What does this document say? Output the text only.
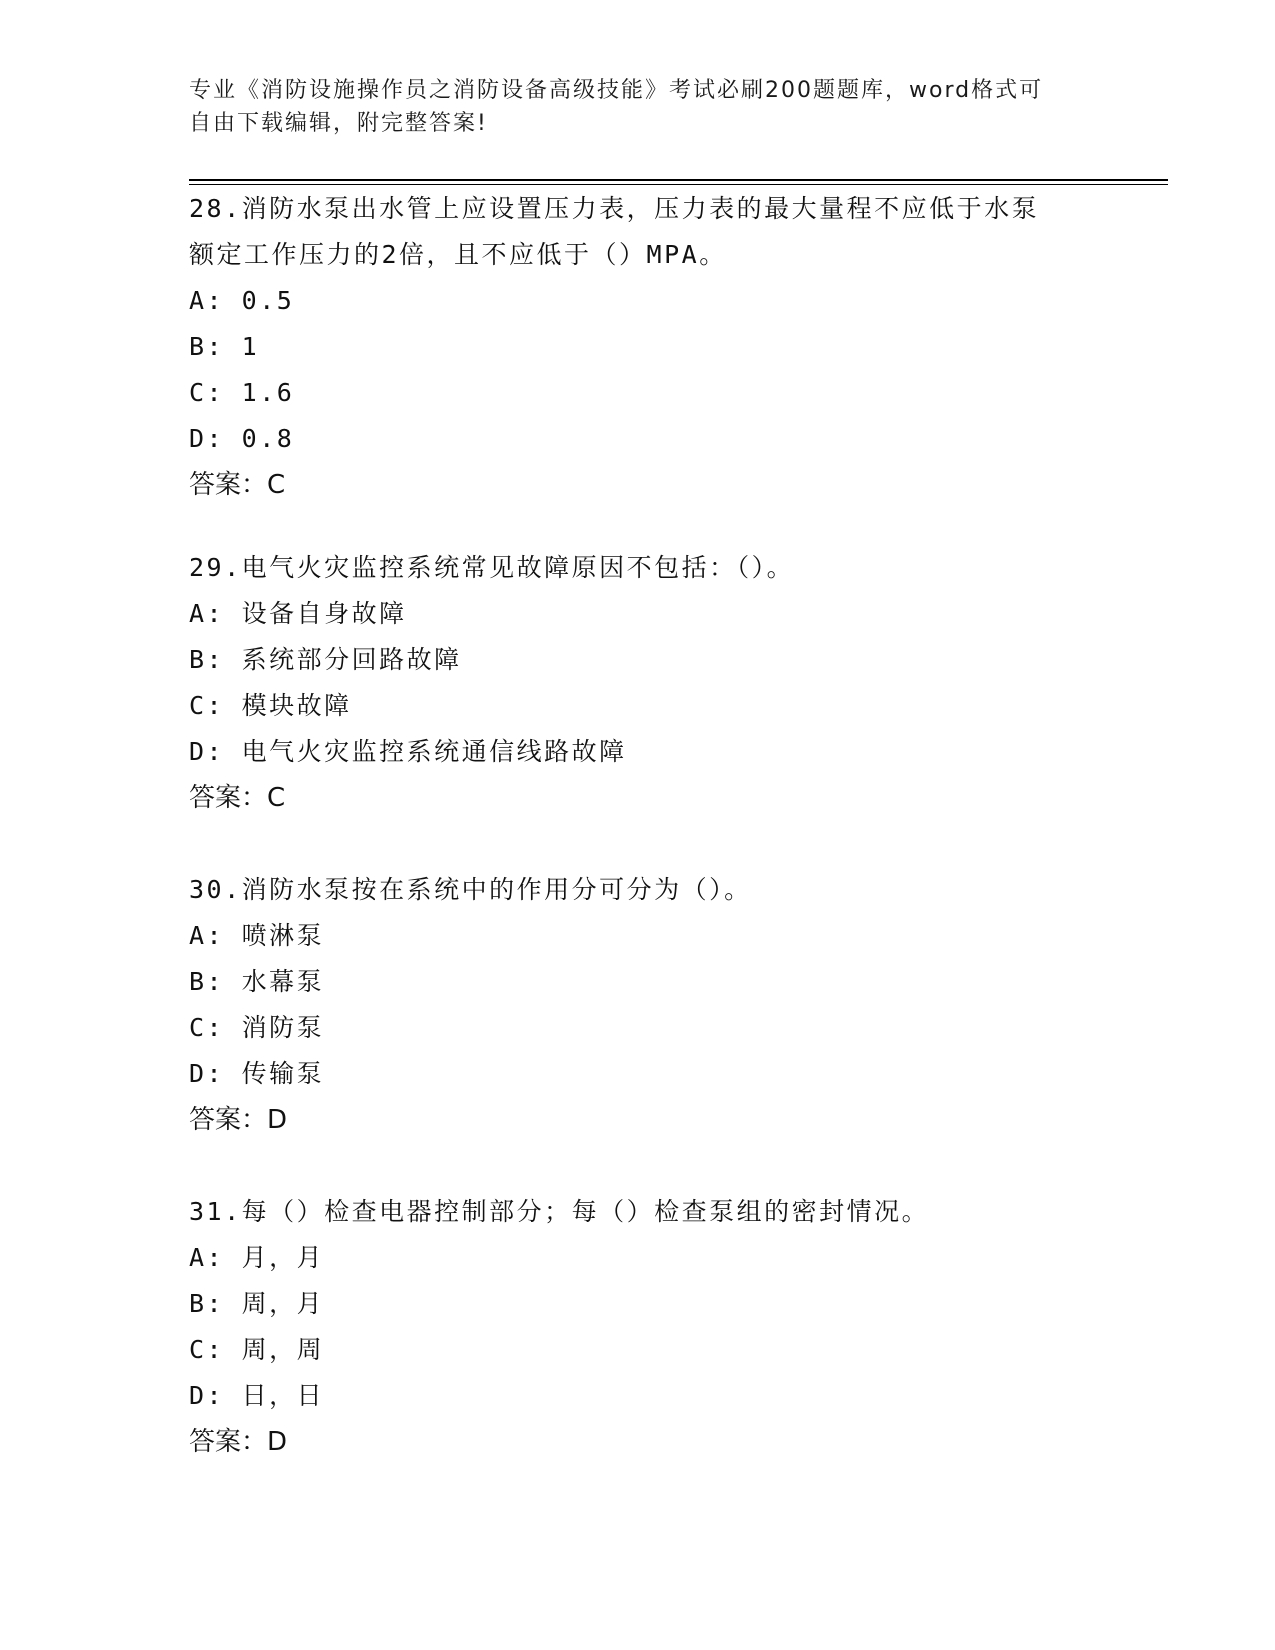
专业《消防设施操作员之消防设备高级技能》考试必刷200题题库，word格式可
自由下载编辑，附完整答案!

28.消防水泵出水管上应设置压力表，压力表的最大量程不应低于水泵

额定工作压力的2倍，且不应低于（）MPA。

A: 0.5

B: 1

C: 1.6

D: 0.8

答案：C

29.电气火灾监控系统常见故障原因不包括：（）。

A: 设备自身故障

B: 系统部分回路故障

C: 模块故障

D: 电气火灾监控系统通信线路故障

答案：C

30.消防水泵按在系统中的作用分可分为（）。

A: 喷淋泵

B: 水幕泵

C: 消防泵

D: 传输泵

答案：D

31.每（）检查电器控制部分；每（）检查泵组的密封情况。

A: 月，月

B: 周，月

C: 周，周

D: 日，日

答案：D
